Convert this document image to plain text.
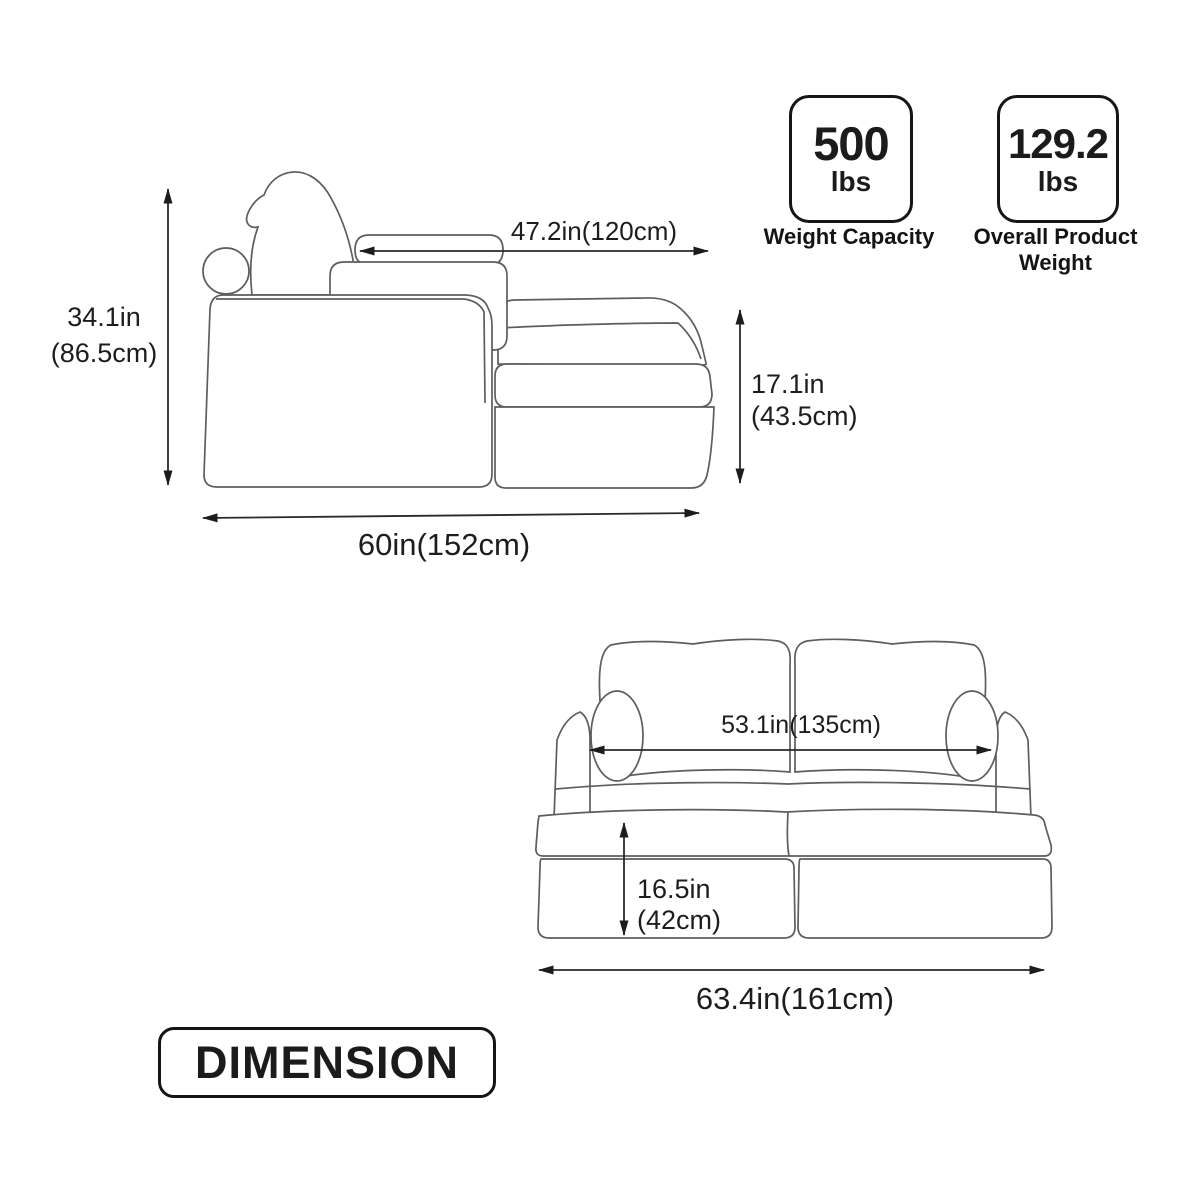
34.1in
(86.5cm)
47.2in(120cm)
17.1in
(43.5cm)
60in(152cm)
53.1in(135cm)
16.5in
(42cm)
63.4in(161cm)
500
lbs
Weight Capacity
129.2
lbs
Overall Product Weight
DIMENSION
